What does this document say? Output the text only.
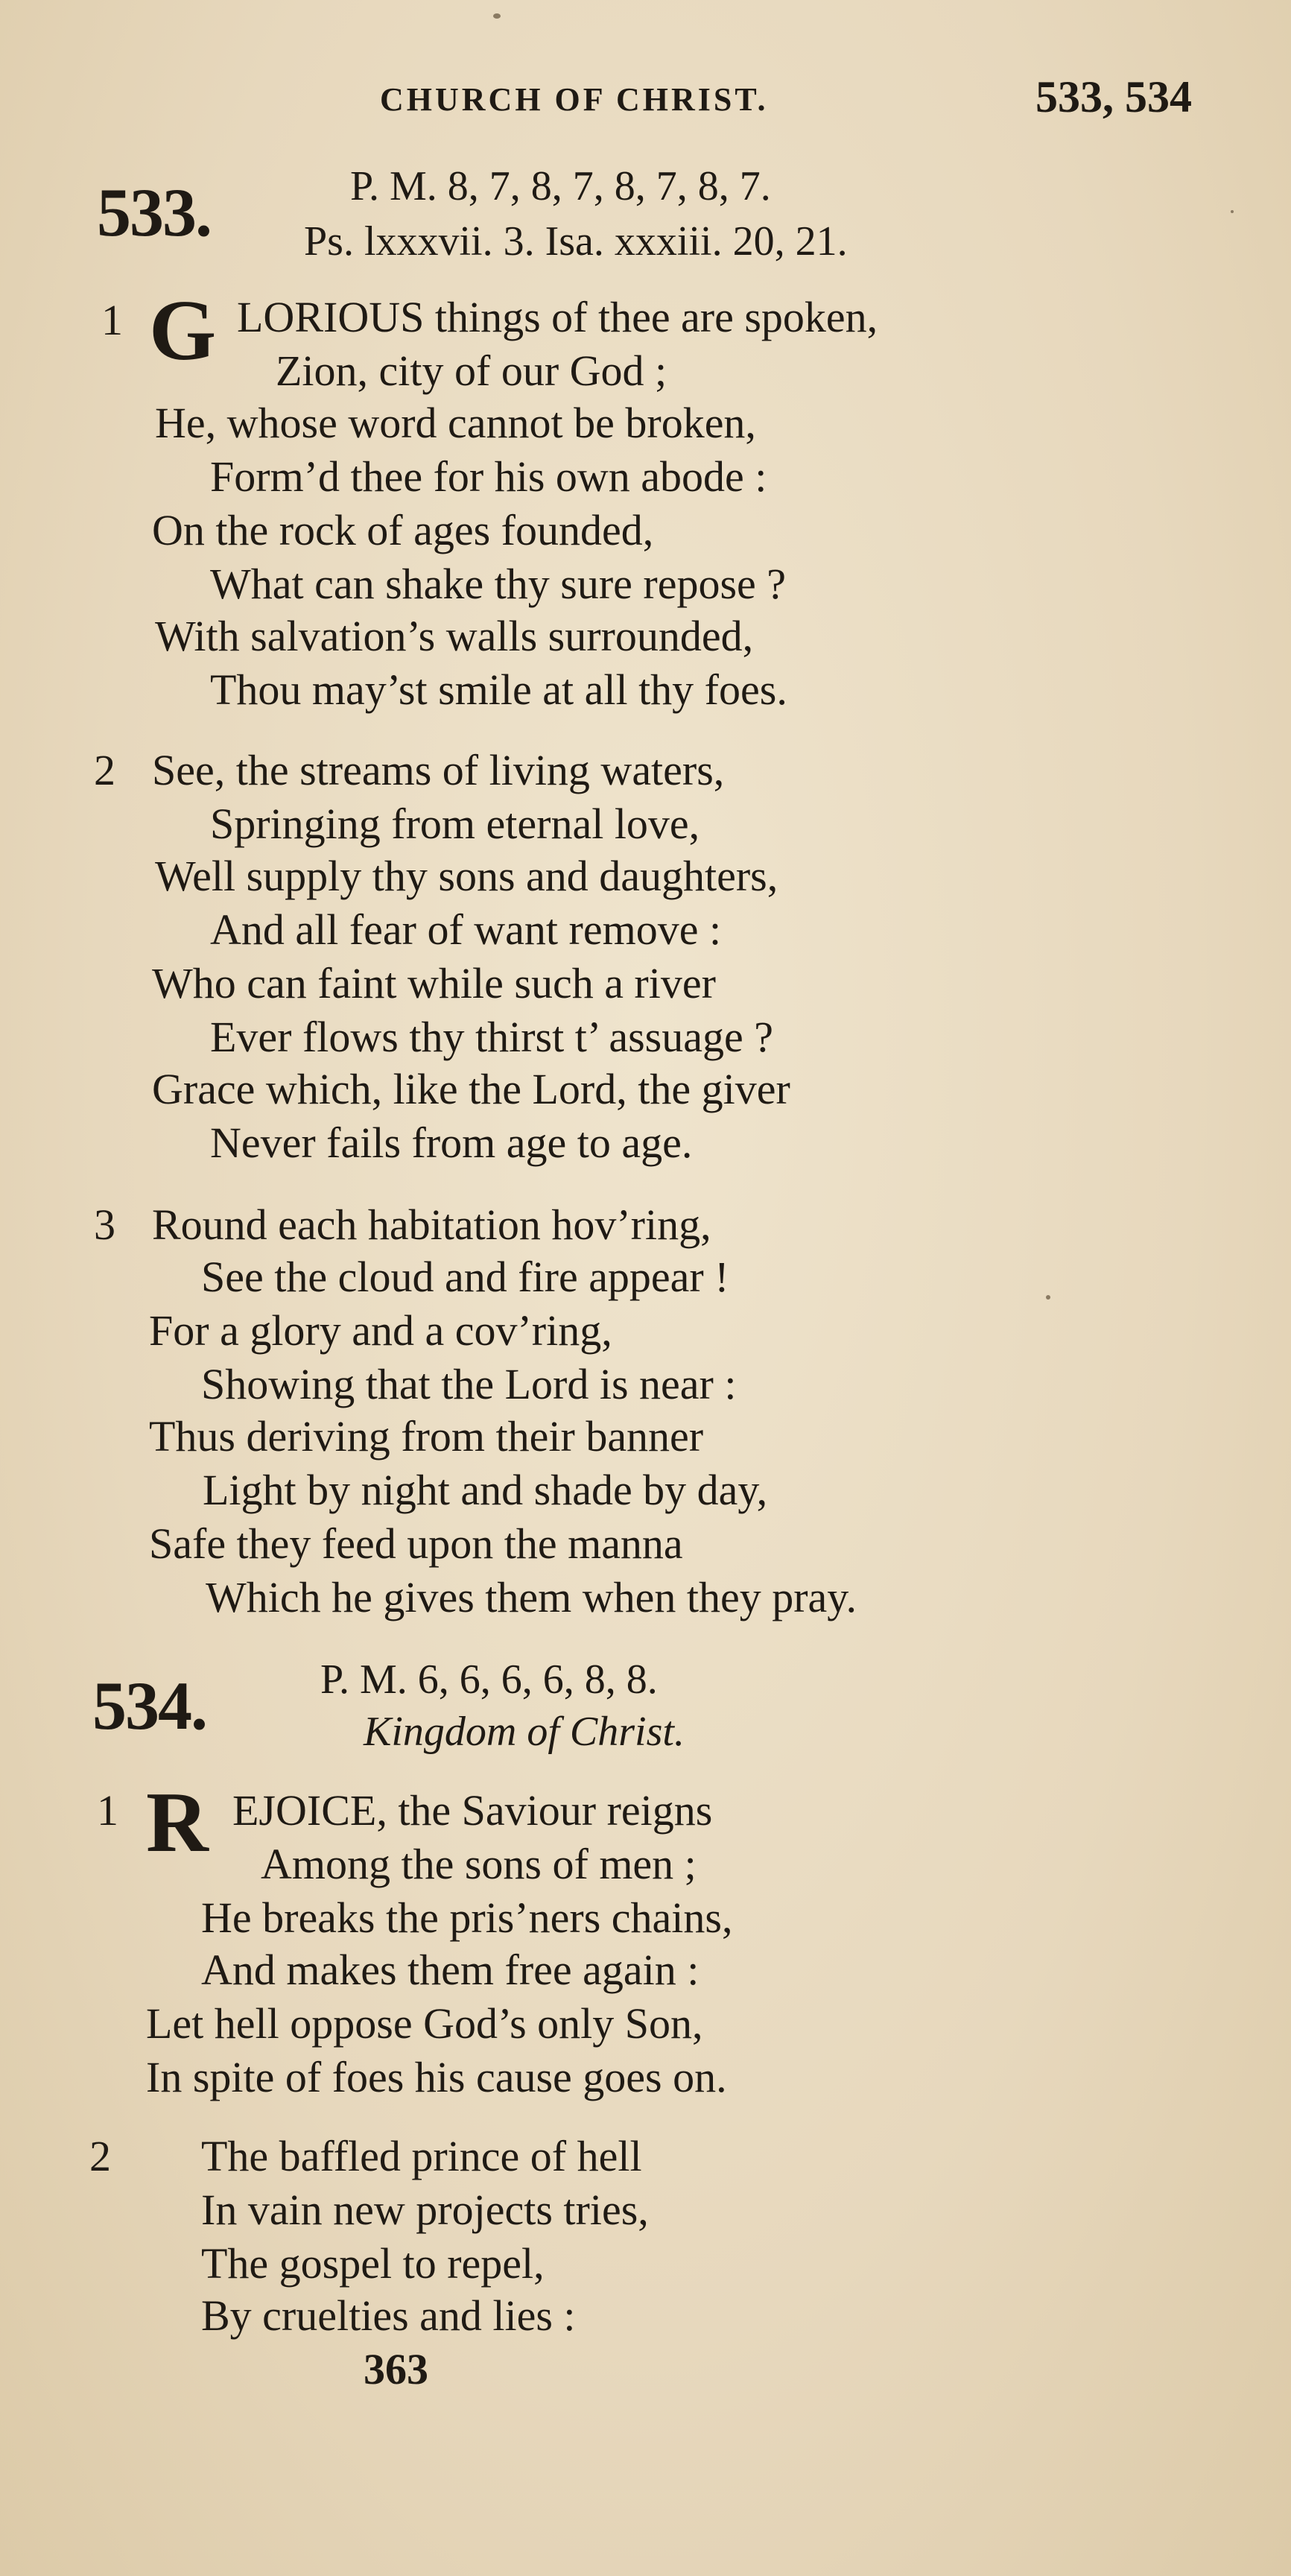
CHURCH OF CHRIST.	533, 534
533.	P. M. 8, 7, 8, 7, 8, 7, 8, 7.
Ps. lxxxvii. 3. Isa. xxxiii. 20, 21.
1 G LORIOUS things of thee are spoken,
Zion, city of our God ;
He, whose word cannot be broken,
Form’d thee for his own abode :
On the rock of ages founded,
What can shake thy sure repose ?
With salvation’s walls surrounded,
Thou may’st smile at all thy foes.
2 See, the streams of living waters,
Springing from eternal love,
Well supply thy sons and daughters,
And all fear of want remove :
Who can faint while such a river
Ever flows thy thirst t’ assuage ?
Grace which, like the Lord, the giver
Never fails from age to age.
3 Round each habitation hov’ring,
See the cloud and fire appear !
For a glory and a cov’ring,
Showing that the Lord is near :
Thus deriving from their banner
Light by night and shade by day,
Safe they feed upon the manna
Which he gives them when they pray.
534.	P. M. 6, 6, 6, 6, 8, 8.
Kingdom of Christ.
1 R EJOICE, the Saviour reigns
Among the sons of men ;
He breaks the pris’ners chains,
And makes them free again :
Let hell oppose God’s only Son,
In spite of foes his cause goes on.
2 The baffled prince of hell
In vain new projects tries,
The gospel to repel,
By cruelties and lies :
363
